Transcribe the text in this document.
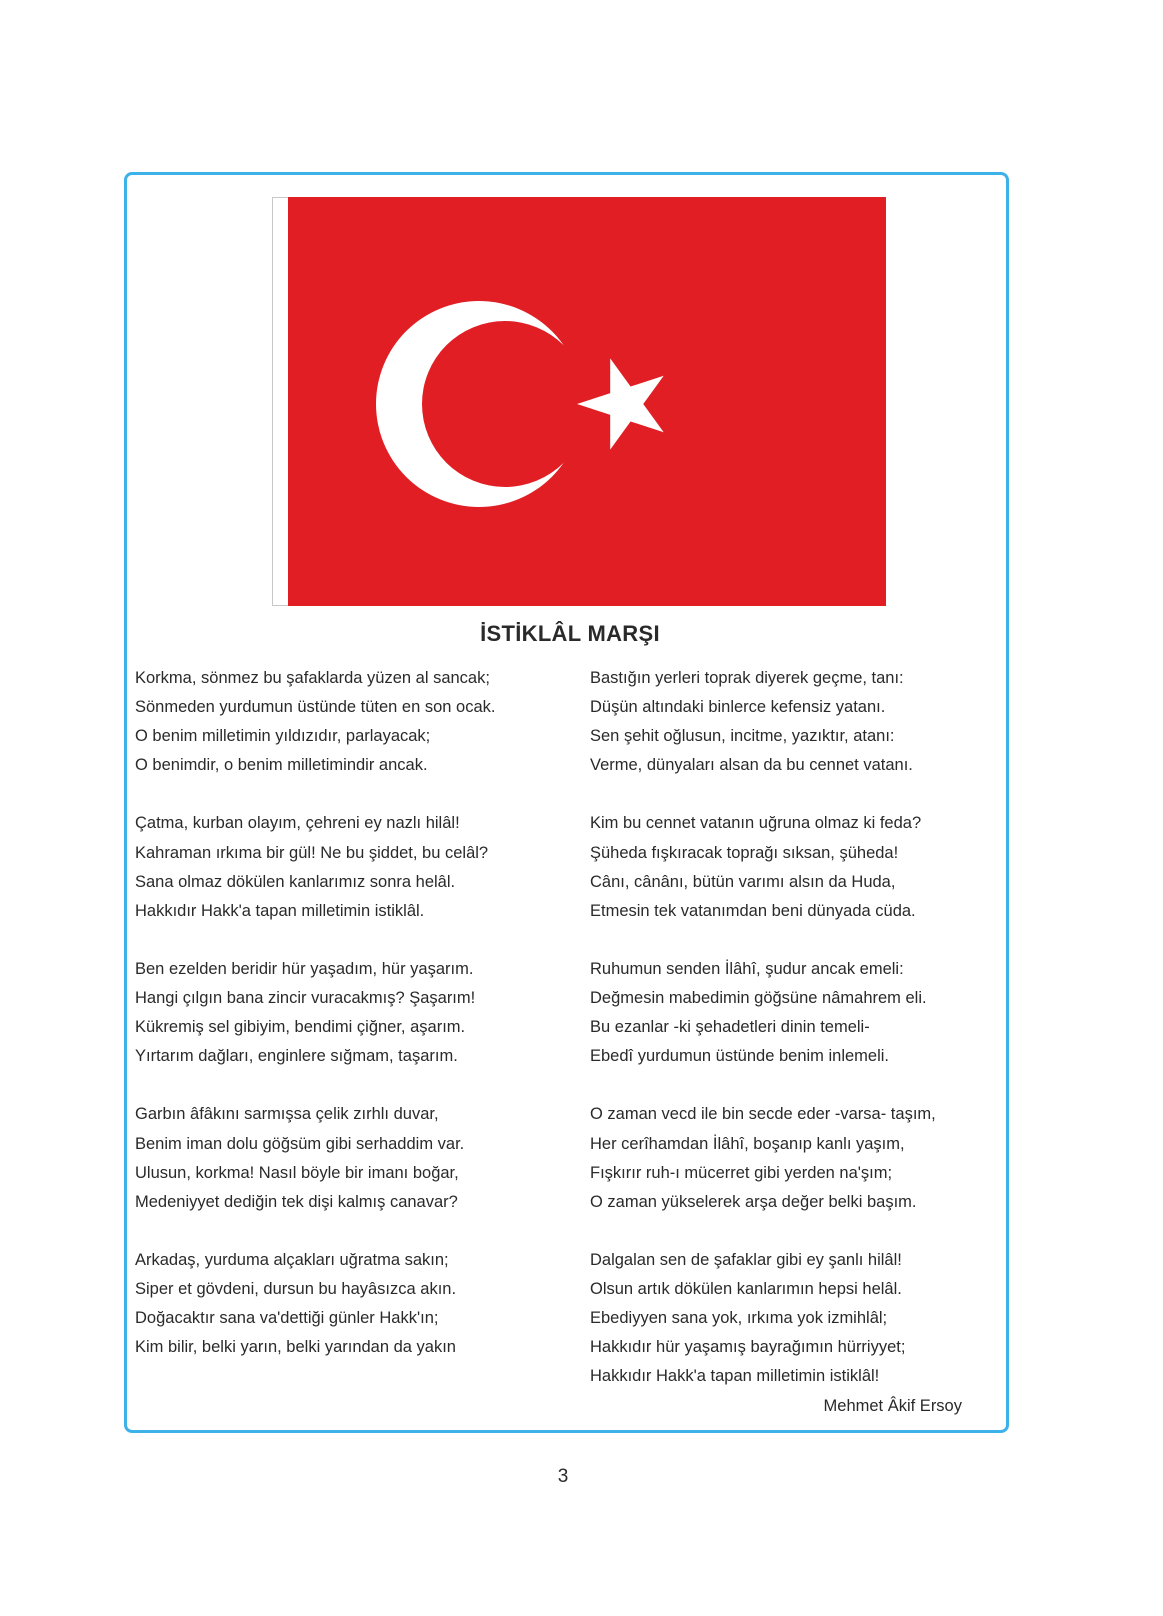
İSTİKLÂL MARŞI
Korkma, sönmez bu şafaklarda yüzen al sancak;
Sönmeden yurdumun üstünde tüten en son ocak.
O benim milletimin yıldızıdır, parlayacak;
O benimdir, o benim milletimindir ancak.
Çatma, kurban olayım, çehreni ey nazlı hilâl!
Kahraman ırkıma bir gül! Ne bu şiddet, bu celâl?
Sana olmaz dökülen kanlarımız sonra helâl.
Hakkıdır Hakk'a tapan milletimin istiklâl.
Ben ezelden beridir hür yaşadım, hür yaşarım.
Hangi çılgın bana zincir vuracakmış? Şaşarım!
Kükremiş sel gibiyim, bendimi çiğner, aşarım.
Yırtarım dağları, enginlere sığmam, taşarım.
Garbın âfâkını sarmışsa çelik zırhlı duvar,
Benim iman dolu göğsüm gibi serhaddim var.
Ulusun, korkma! Nasıl böyle bir imanı boğar,
Medeniyyet dediğin tek dişi kalmış canavar?
Arkadaş, yurduma alçakları uğratma sakın;
Siper et gövdeni, dursun bu hayâsızca akın.
Doğacaktır sana va'dettiği günler Hakk'ın;
Kim bilir, belki yarın, belki yarından da yakın
Bastığın yerleri toprak diyerek geçme, tanı:
Düşün altındaki binlerce kefensiz yatanı.
Sen şehit oğlusun, incitme, yazıktır, atanı:
Verme, dünyaları alsan da bu cennet vatanı.
Kim bu cennet vatanın uğruna olmaz ki feda?
Şüheda fışkıracak toprağı sıksan, şüheda!
Cânı, cânânı, bütün varımı alsın da Huda,
Etmesin tek vatanımdan beni dünyada cüda.
Ruhumun senden İlâhî, şudur ancak emeli:
Değmesin mabedimin göğsüne nâmahrem eli.
Bu ezanlar -ki şehadetleri dinin temeli-
Ebedî yurdumun üstünde benim inlemeli.
O zaman vecd ile bin secde eder -varsa- taşım,
Her cerîhamdan İlâhî, boşanıp kanlı yaşım,
Fışkırır ruh-ı mücerret gibi yerden na'şım;
O zaman yükselerek arşa değer belki başım.
Dalgalan sen de şafaklar gibi ey şanlı hilâl!
Olsun artık dökülen kanlarımın hepsi helâl.
Ebediyyen sana yok, ırkıma yok izmihlâl;
Hakkıdır hür yaşamış bayrağımın hürriyyet;
Hakkıdır Hakk'a tapan milletimin istiklâl!
Mehmet Âkif Ersoy
3
